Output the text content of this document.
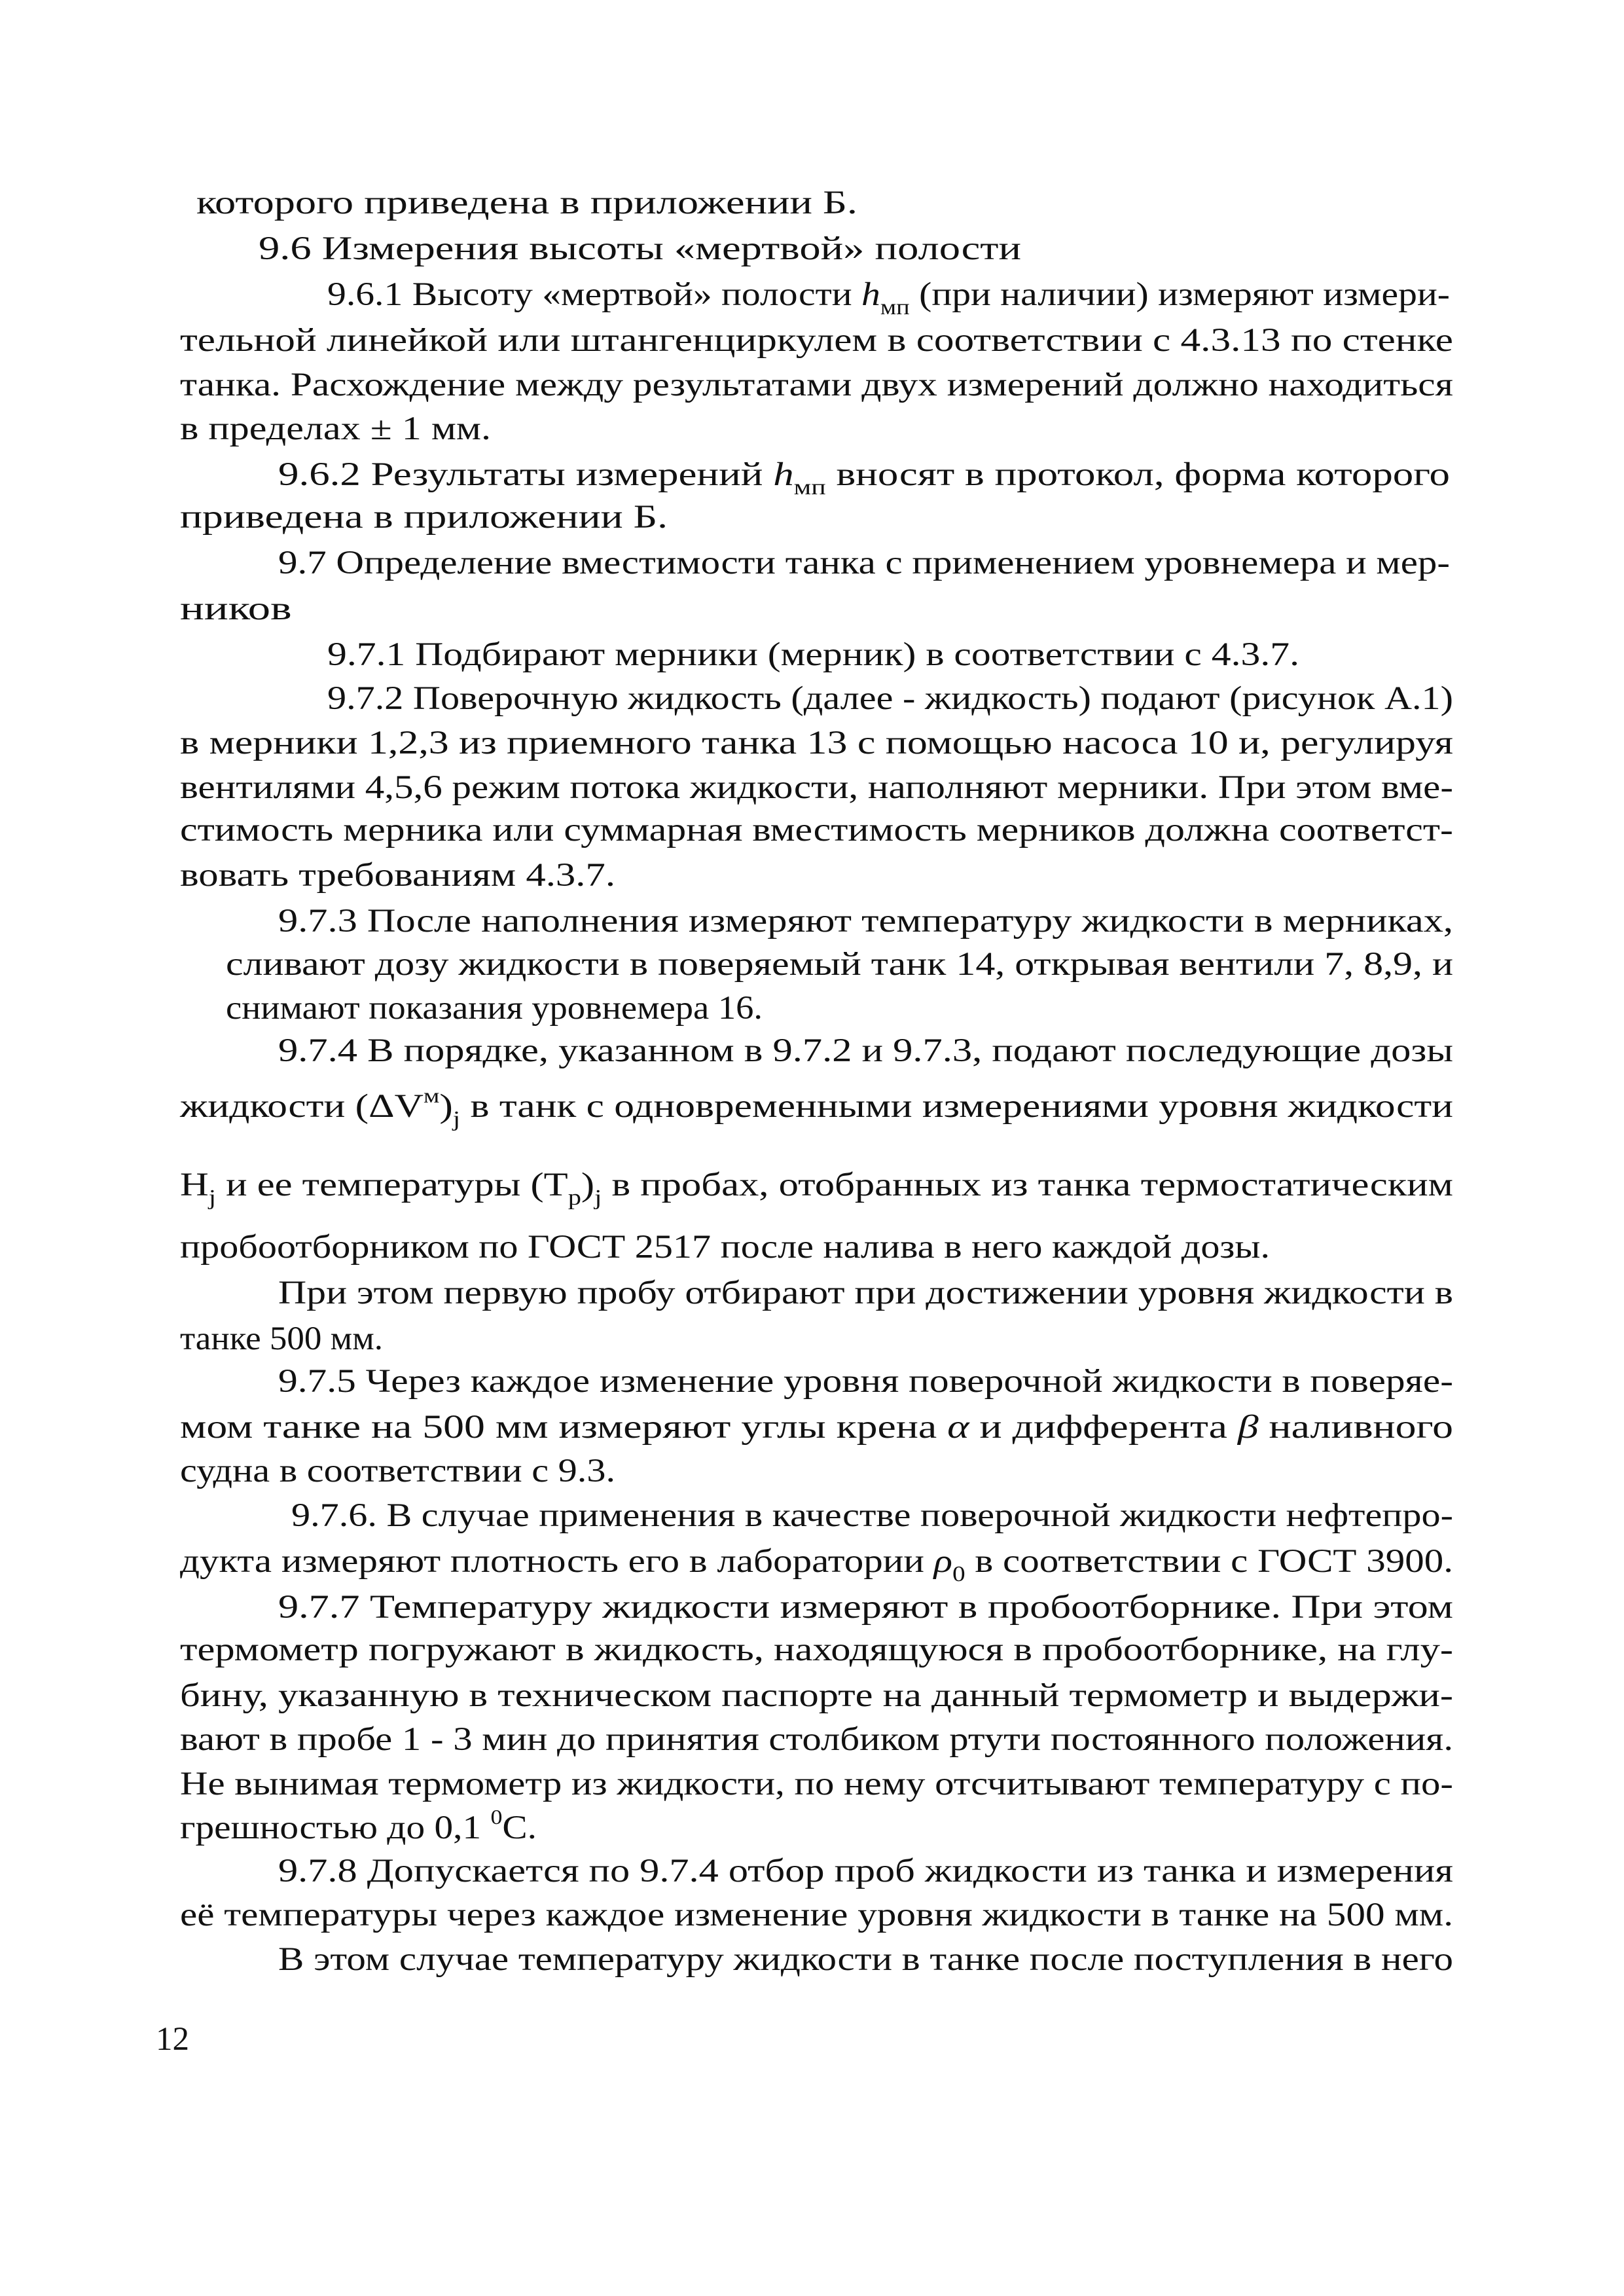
которого приведена в приложении Б.
9.6 Измерения высоты «мертвой» полости
9.6.1 Высоту «мертвой» полости $h_{мп}$ (при наличии) измеряют измери-
тельной линейкой или штангенциркулем в соответствии с 4.3.13 по стенке
танка. Расхождение между результатами двух измерений должно находиться
в пределах ± 1 мм.
9.6.2 Результаты измерений $h_{мп}$ вносят в протокол, форма которого
приведена в приложении Б.
9.7 Определение вместимости танка с применением уровнемера и мер-
ников
9.7.1 Подбирают мерники (мерник) в соответствии с 4.3.7.
9.7.2 Поверочную жидкость (далее - жидкость) подают (рисунок А.1)
в мерники 1,2,3 из приемного танка 13 с помощью насоса 10 и, регулируя
вентилями 4,5,6 режим потока жидкости, наполняют мерники. При этом вме-
стимость мерника или суммарная вместимость мерников должна соответст-
вовать требованиям 4.3.7.
9.7.3 После наполнения измеряют температуру жидкости в мерниках,
сливают дозу жидкости в поверяемый танк 14, открывая вентили 7, 8,9, и
снимают показания уровнемера 16.
9.7.4 В порядке, указанном в 9.7.2 и 9.7.3, подают последующие дозы
жидкости $(\Delta V^м)_j$ в танк с одновременными измерениями уровня жидкости
$H_j$ и ее температуры $(T_p)_j$ в пробах, отобранных из танка термостатическим
пробоотборником по ГОСТ 2517 после налива в него каждой дозы.
При этом первую пробу отбирают при достижении уровня жидкости в
танке 500 мм.
9.7.5 Через каждое изменение уровня поверочной жидкости в поверяе-
мом танке на 500 мм измеряют углы крена α и дифферента β наливного
судна в соответствии с 9.3.
9.7.6. В случае применения в качестве поверочной жидкости нефтепро-
дукта измеряют плотность его в лаборатории $\rho_0$ в соответствии с ГОСТ 3900.
9.7.7 Температуру жидкости измеряют в пробоотборнике. При этом
термометр погружают в жидкость, находящуюся в пробоотборнике, на глу-
бину, указанную в техническом паспорте на данный термометр и выдержи-
вают в пробе 1 - 3 мин до принятия столбиком ртути постоянного положения.
Не вынимая термометр из жидкости, по нему отсчитывают температуру с по-
грешностью до 0,1 $^0$С.
9.7.8 Допускается по 9.7.4 отбор проб жидкости из танка и измерения
её температуры через каждое изменение уровня жидкости в танке на 500 мм.
В этом случае температуру жидкости в танке после поступления в него
12
